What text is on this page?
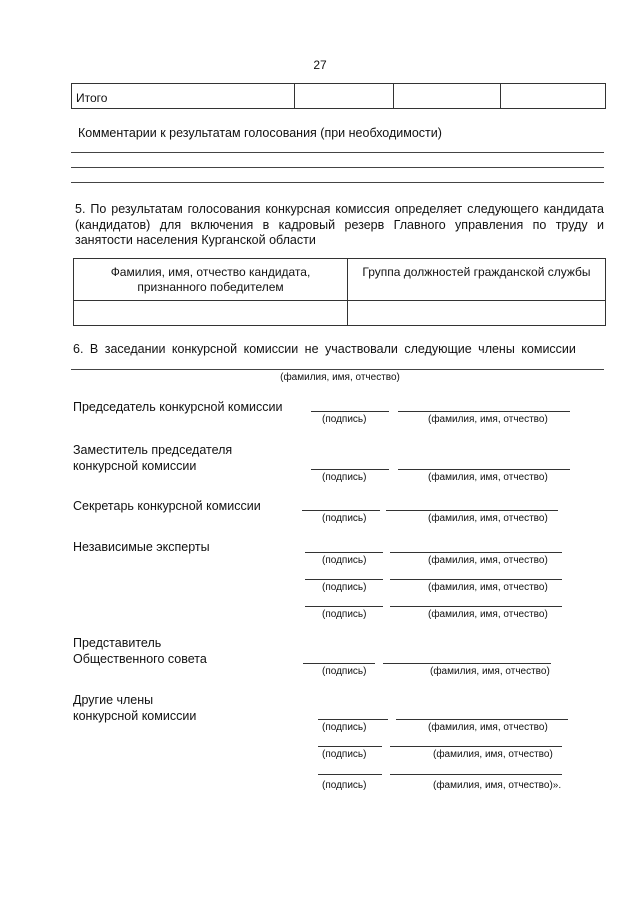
27
Итого
Комментарии к результатам голосования (при необходимости)
5. По результатам голосования конкурсная комиссия определяет следующего кандидата (кандидатов) для включения в кадровый резерв Главного управления по труду и занятости населения Курганской области
Фамилия, имя, отчество кандидата,
признанного победителем
Группа должностей гражданской службы
6. В заседании конкурсной комиссии не участвовали следующие члены комиссии
(фамилия, имя, отчество)
Председатель конкурсной комиссии
(подпись)	(фамилия, имя, отчество)
Заместитель председателя
конкурсной комиссии
(подпись)	(фамилия, имя, отчество)
Секретарь конкурсной комиссии
(подпись)	(фамилия, имя, отчество)
Независимые эксперты
(подпись)	(фамилия, имя, отчество)
(подпись)	(фамилия, имя, отчество)
(подпись)	(фамилия, имя, отчество)
Представитель
Общественного совета
(подпись)	(фамилия, имя, отчество)
Другие члены
конкурсной комиссии
(подпись)	(фамилия, имя, отчество)
(подпись)	(фамилия, имя, отчество)
(подпись)	(фамилия, имя, отчество)».
